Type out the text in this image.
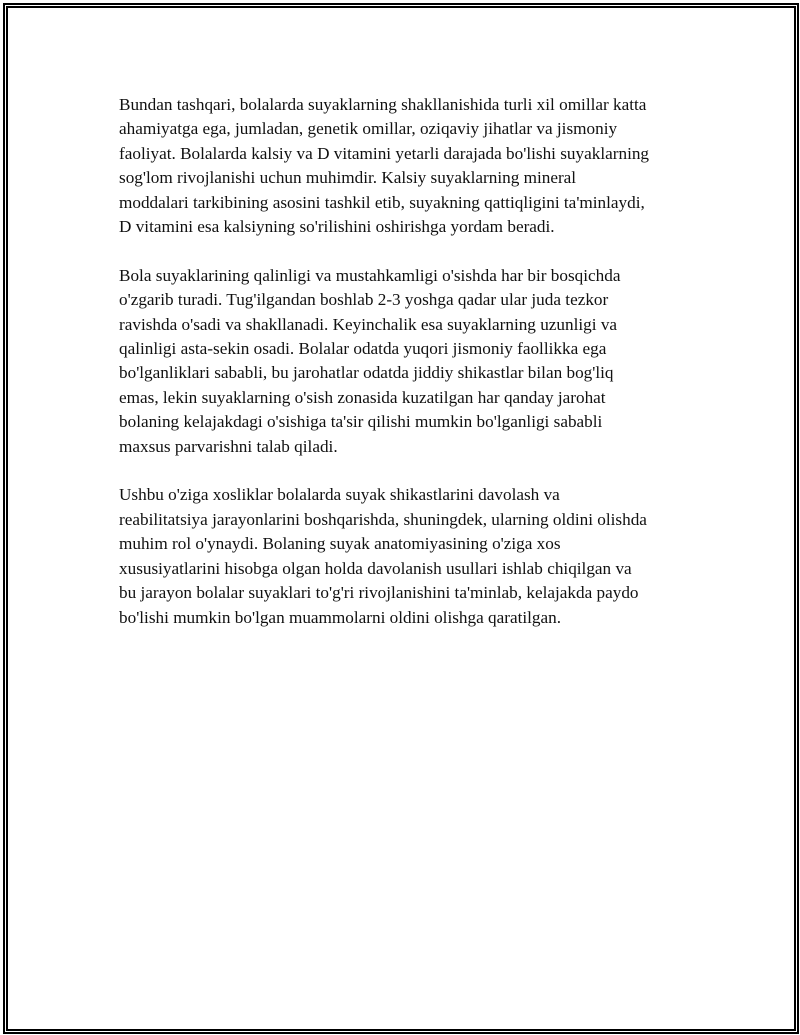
Bundan tashqari, bolalarda suyaklarning shakllanishida turli xil omillar katta
ahamiyatga ega, jumladan, genetik omillar, oziqaviy jihatlar va jismoniy
faoliyat. Bolalarda kalsiy va D vitamini yetarli darajada bo'lishi suyaklarning
sog'lom rivojlanishi uchun muhimdir. Kalsiy suyaklarning mineral
moddalari tarkibining asosini tashkil etib, suyakning qattiqligini ta'minlaydi,
D vitamini esa kalsiyning so'rilishini oshirishga yordam beradi.

Bola suyaklarining qalinligi va mustahkamligi o'sishda har bir bosqichda
o'zgarib turadi. Tug'ilgandan boshlab 2-3 yoshga qadar ular juda tezkor
ravishda o'sadi va shakllanadi. Keyinchalik esa suyaklarning uzunligi va
qalinligi asta-sekin osadi. Bolalar odatda yuqori jismoniy faollikka ega
bo'lganliklari sababli, bu jarohatlar odatda jiddiy shikastlar bilan bog'liq
emas, lekin suyaklarning o'sish zonasida kuzatilgan har qanday jarohat
bolaning kelajakdagi o'sishiga ta'sir qilishi mumkin bo'lganligi sababli
maxsus parvarishni talab qiladi.

Ushbu o'ziga xosliklar bolalarda suyak shikastlarini davolash va
reabilitatsiya jarayonlarini boshqarishda, shuningdek, ularning oldini olishda
muhim rol o'ynaydi. Bolaning suyak anatomiyasining o'ziga xos
xususiyatlarini hisobga olgan holda davolanish usullari ishlab chiqilgan va
bu jarayon bolalar suyaklari to'g'ri rivojlanishini ta'minlab, kelajakda paydo
bo'lishi mumkin bo'lgan muammolarni oldini olishga qaratilgan.
